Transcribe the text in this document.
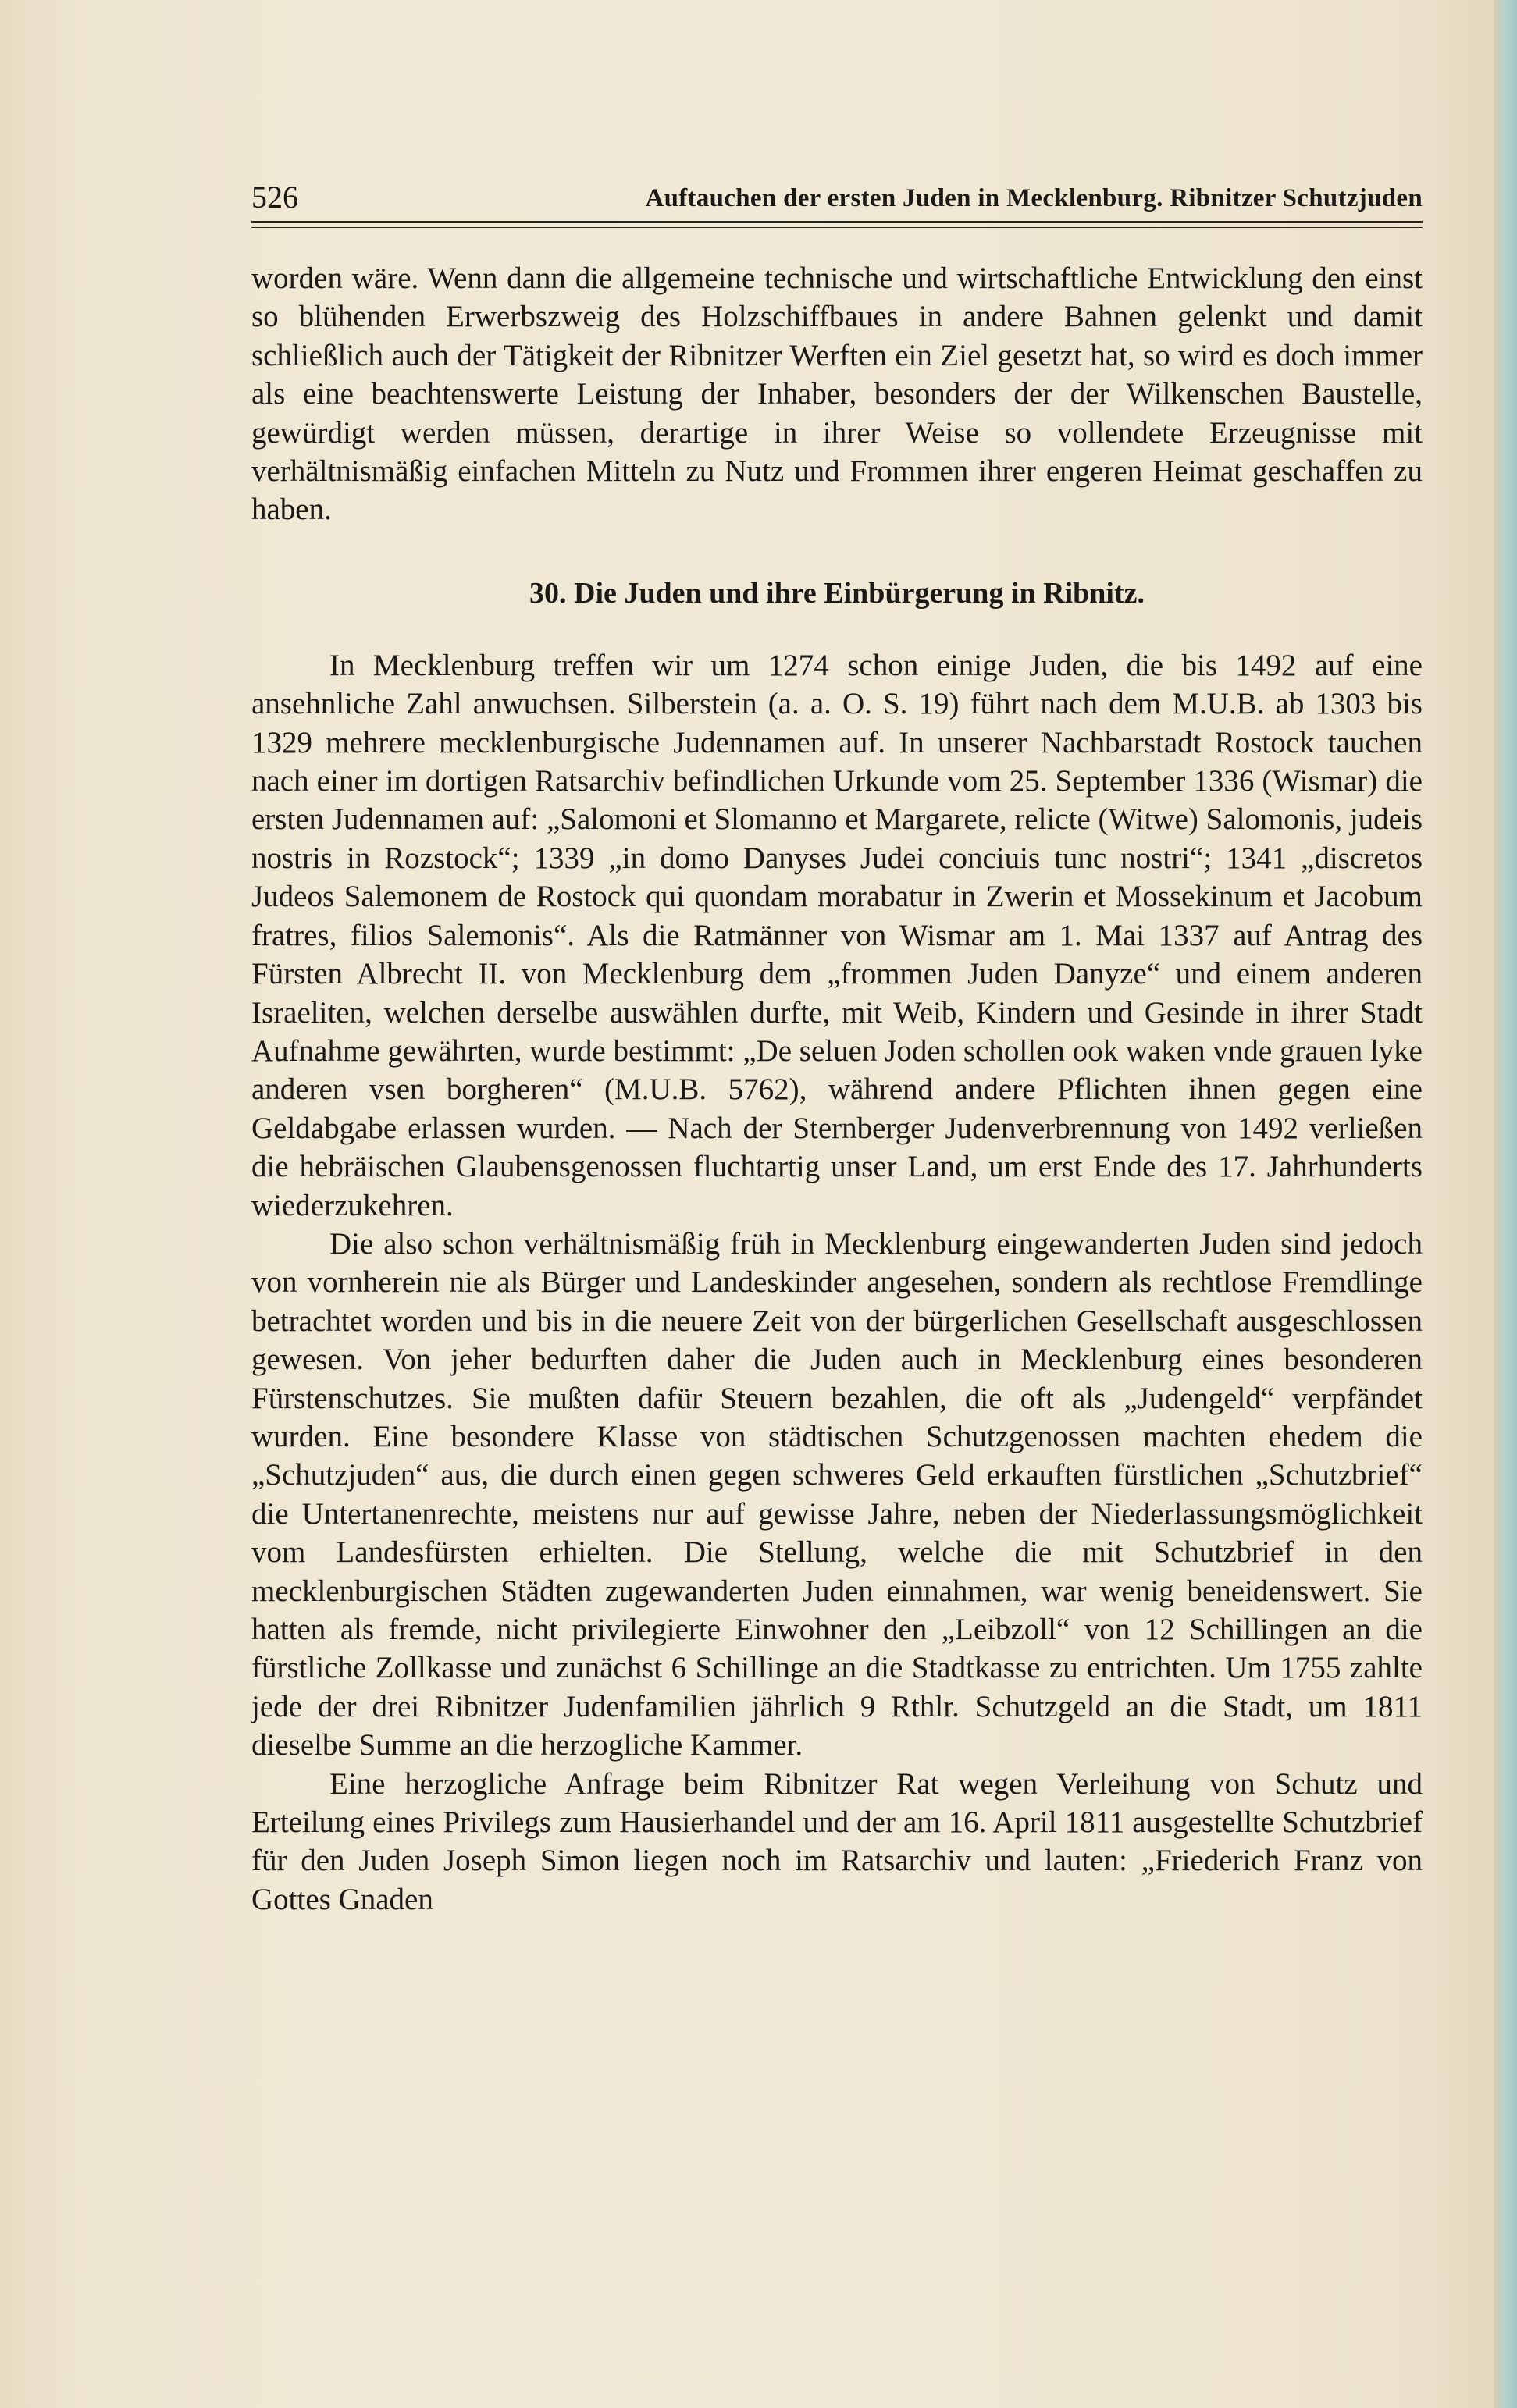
526	Auftauchen der ersten Juden in Mecklenburg. Ribnitzer Schutzjuden

worden wäre. Wenn dann die allgemeine technische und wirtschaftliche Entwicklung den einst so blühenden Erwerbszweig des Holzschiffbaues in andere Bahnen gelenkt und damit schließlich auch der Tätigkeit der Ribnitzer Werften ein Ziel gesetzt hat, so wird es doch immer als eine beachtenswerte Leistung der Inhaber, besonders der der Wilkenschen Baustelle, gewürdigt werden müssen, derartige in ihrer Weise so vollendete Erzeugnisse mit verhältnismäßig einfachen Mitteln zu Nutz und Frommen ihrer engeren Heimat geschaffen zu haben.

30. Die Juden und ihre Einbürgerung in Ribnitz.

In Mecklenburg treffen wir um 1274 schon einige Juden, die bis 1492 auf eine ansehnliche Zahl anwuchsen. Silberstein (a. a. O. S. 19) führt nach dem M.U.B. ab 1303 bis 1329 mehrere mecklenburgische Judennamen auf. In unserer Nachbarstadt Rostock tauchen nach einer im dortigen Ratsarchiv befindlichen Urkunde vom 25. September 1336 (Wismar) die ersten Judennamen auf: „Salomoni et Slomanno et Margarete, relicte (Witwe) Salomonis, judeis nostris in Rozstock“; 1339 „in domo Danyses Judei conciuis tunc nostri“; 1341 „discretos Judeos Salemonem de Rostock qui quondam morabatur in Zwerin et Mossekinum et Jacobum fratres, filios Salemonis“. Als die Ratmänner von Wismar am 1. Mai 1337 auf Antrag des Fürsten Albrecht II. von Mecklenburg dem „frommen Juden Danyze“ und einem anderen Israeliten, welchen derselbe auswählen durfte, mit Weib, Kindern und Gesinde in ihrer Stadt Aufnahme gewährten, wurde bestimmt: „De seluen Joden schollen ook waken vnde grauen lyke anderen vsen borgheren“ (M.U.B. 5762), während andere Pflichten ihnen gegen eine Geldabgabe erlassen wurden. — Nach der Sternberger Judenverbrennung von 1492 verließen die hebräischen Glaubensgenossen fluchtartig unser Land, um erst Ende des 17. Jahrhunderts wiederzukehren.

Die also schon verhältnismäßig früh in Mecklenburg eingewanderten Juden sind jedoch von vornherein nie als Bürger und Landeskinder angesehen, sondern als rechtlose Fremdlinge betrachtet worden und bis in die neuere Zeit von der bürgerlichen Gesellschaft ausgeschlossen gewesen. Von jeher bedurften daher die Juden auch in Mecklenburg eines besonderen Fürstenschutzes. Sie mußten dafür Steuern bezahlen, die oft als „Judengeld“ verpfändet wurden. Eine besondere Klasse von städtischen Schutzgenossen machten ehedem die „Schutzjuden“ aus, die durch einen gegen schweres Geld erkauften fürstlichen „Schutzbrief“ die Untertanenrechte, meistens nur auf gewisse Jahre, neben der Niederlassungsmöglichkeit vom Landesfürsten erhielten. Die Stellung, welche die mit Schutzbrief in den mecklenburgischen Städten zugewanderten Juden einnahmen, war wenig beneidenswert. Sie hatten als fremde, nicht privilegierte Einwohner den „Leibzoll“ von 12 Schillingen an die fürstliche Zollkasse und zunächst 6 Schillinge an die Stadtkasse zu entrichten. Um 1755 zahlte jede der drei Ribnitzer Judenfamilien jährlich 9 Rthlr. Schutzgeld an die Stadt, um 1811 dieselbe Summe an die herzogliche Kammer.

Eine herzogliche Anfrage beim Ribnitzer Rat wegen Verleihung von Schutz und Erteilung eines Privilegs zum Hausierhandel und der am 16. April 1811 ausgestellte Schutzbrief für den Juden Joseph Simon liegen noch im Ratsarchiv und lauten: „Friederich Franz von Gottes Gnaden
